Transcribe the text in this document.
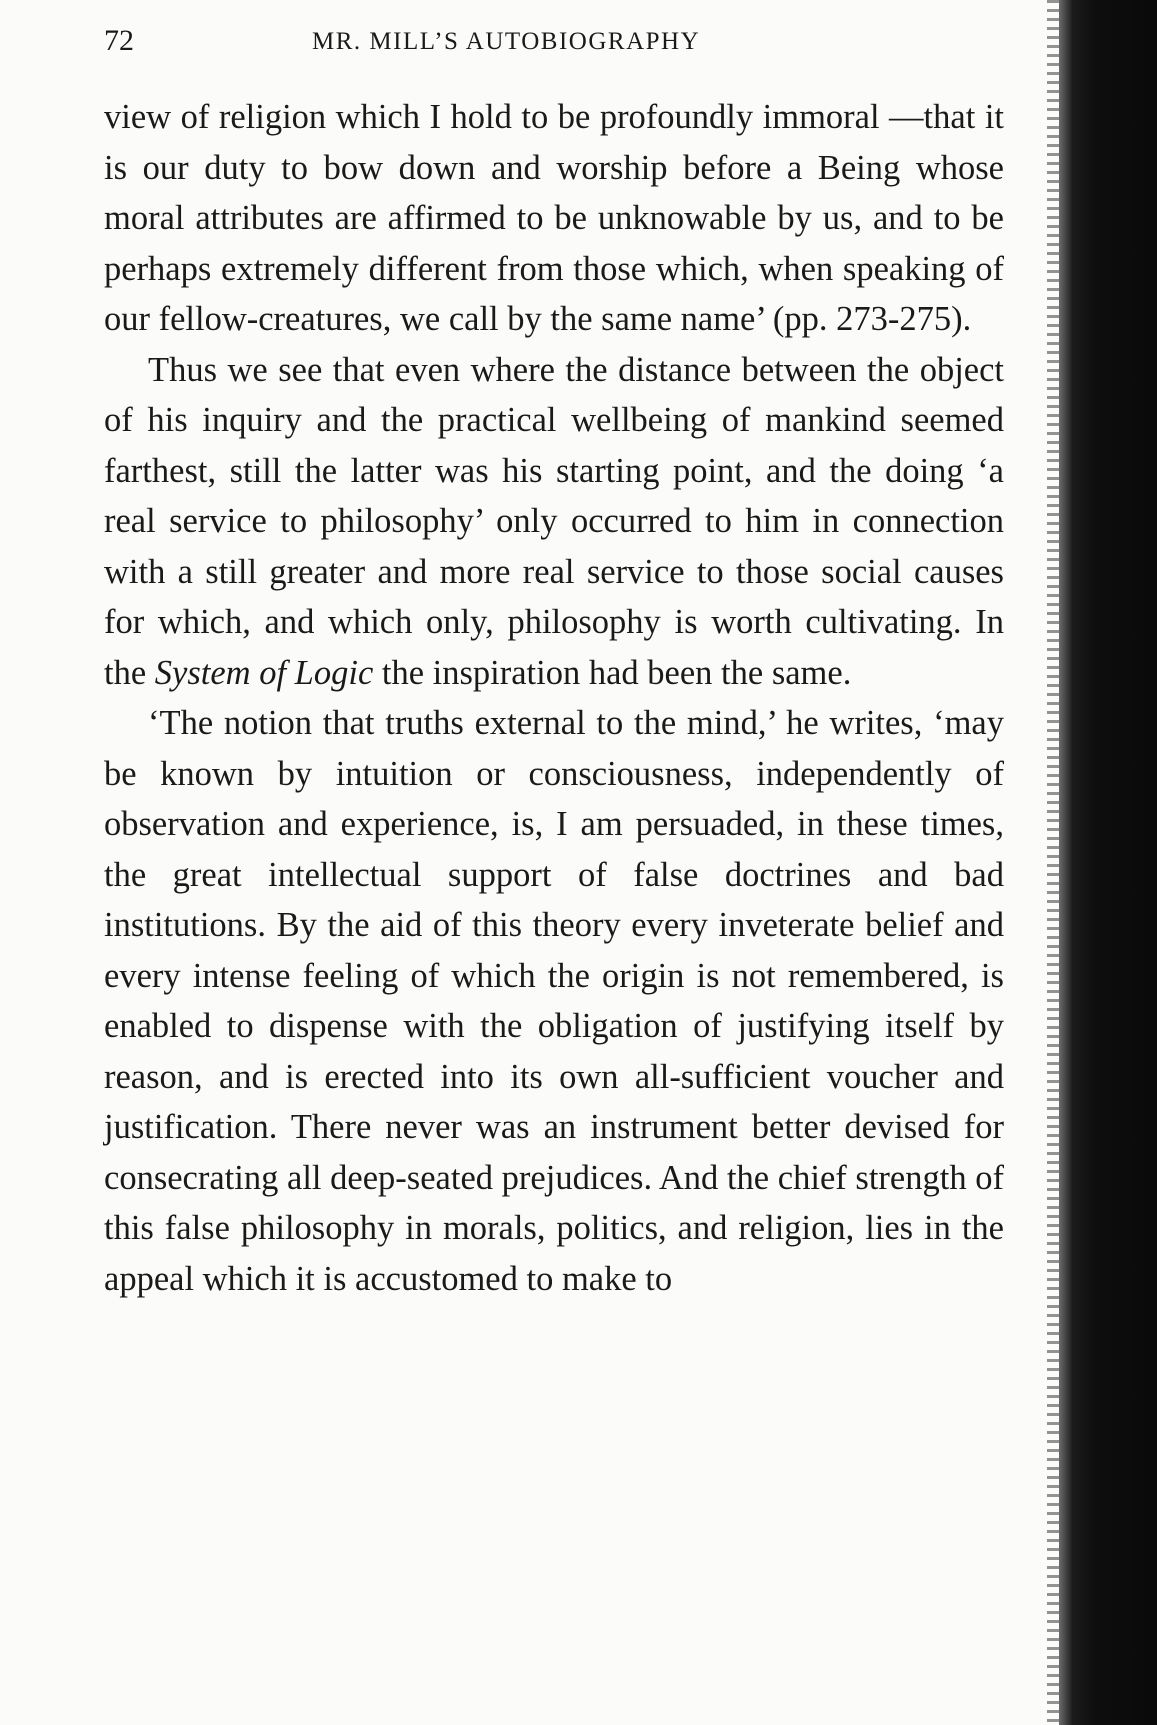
72	MR. MILL’S AUTOBIOGRAPHY

view of religion which I hold to be profoundly immoral —that it is our duty to bow down and worship before a Being whose moral attributes are affirmed to be unknowable by us, and to be perhaps extremely different from those which, when speaking of our fellow-creatures, we call by the same name’ (pp. 273-275).

Thus we see that even where the distance between the object of his inquiry and the practical wellbeing of mankind seemed farthest, still the latter was his starting point, and the doing ‘a real service to philosophy’ only occurred to him in connection with a still greater and more real service to those social causes for which, and which only, philosophy is worth cultivating. In the System of Logic the inspiration had been the same.

‘The notion that truths external to the mind,’ he writes, ‘may be known by intuition or consciousness, independently of observation and experience, is, I am persuaded, in these times, the great intellectual support of false doctrines and bad institutions. By the aid of this theory every inveterate belief and every intense feeling of which the origin is not remembered, is enabled to dispense with the obligation of justifying itself by reason, and is erected into its own all-sufficient voucher and justification. There never was an instrument better devised for consecrating all deep-seated prejudices. And the chief strength of this false philosophy in morals, politics, and religion, lies in the appeal which it is accustomed to make to
